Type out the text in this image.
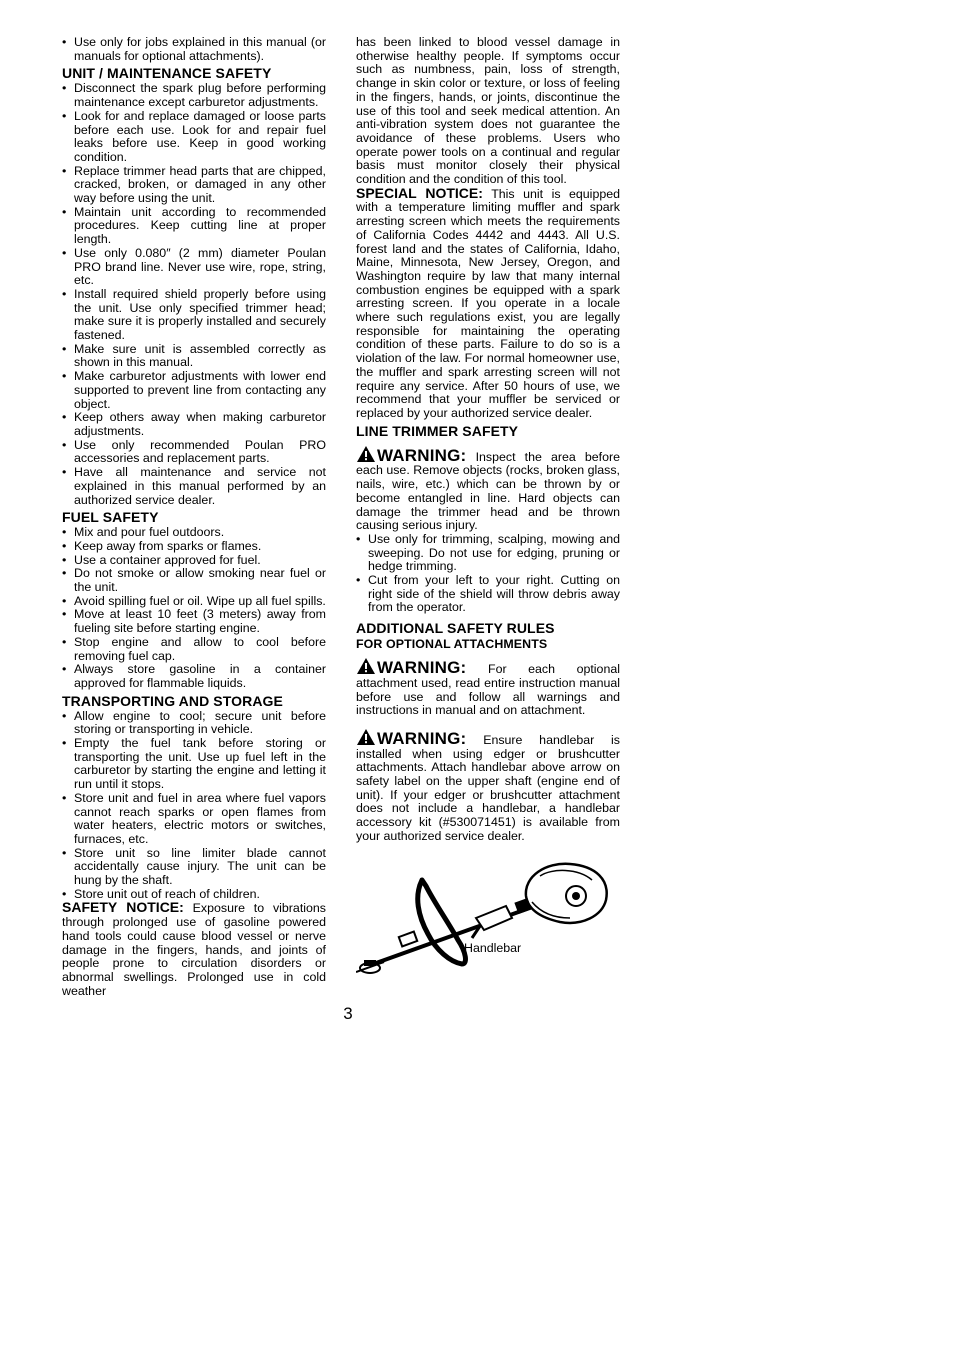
• Use only for jobs explained in this manual (or manuals for optional attachments).
UNIT / MAINTENANCE SAFETY
• Disconnect the spark plug before performing maintenance except carburetor adjustments.
• Look for and replace damaged or loose parts before each use. Look for and repair fuel leaks before use. Keep in good working condition.
• Replace trimmer head parts that are chipped, cracked, broken, or damaged in any other way before using the unit.
• Maintain unit according to recommended procedures. Keep cutting line at proper length.
• Use only 0.080″ (2 mm) diameter Poulan PRO brand line. Never use wire, rope, string, etc.
• Install required shield properly before using the unit. Use only specified trimmer head; make sure it is properly installed and securely fastened.
• Make sure unit is assembled correctly as shown in this manual.
• Make carburetor adjustments with lower end supported to prevent line from contacting any object.
• Keep others away when making carburetor adjustments.
• Use only recommended Poulan PRO accessories and replacement parts.
• Have all maintenance and service not explained in this manual performed by an authorized service dealer.
FUEL SAFETY
• Mix and pour fuel outdoors.
• Keep away from sparks or flames.
• Use a container approved for fuel.
• Do not smoke or allow smoking near fuel or the unit.
• Avoid spilling fuel or oil. Wipe up all fuel spills.
• Move at least 10 feet (3 meters) away from fueling site before starting engine.
• Stop engine and allow to cool before removing fuel cap.
• Always store gasoline in a container approved for flammable liquids.
TRANSPORTING AND STORAGE
• Allow engine to cool; secure unit before storing or transporting in vehicle.
• Empty the fuel tank before storing or transporting the unit. Use up fuel left in the carburetor by starting the engine and letting it run until it stops.
• Store unit and fuel in area where fuel vapors cannot reach sparks or open flames from water heaters, electric motors or switches, furnaces, etc.
• Store unit so line limiter blade cannot accidentally cause injury. The unit can be hung by the shaft.
• Store unit out of reach of children.

SAFETY NOTICE: Exposure to vibrations through prolonged use of gasoline powered hand tools could cause blood vessel or nerve damage in the fingers, hands, and joints of people prone to circulation disorders or abnormal swellings. Prolonged use in cold weather

has been linked to blood vessel damage in otherwise healthy people. If symptoms occur such as numbness, pain, loss of strength, change in skin color or texture, or loss of feeling in the fingers, hands, or joints, discontinue the use of this tool and seek medical attention. An anti-vibration system does not guarantee the avoidance of these problems. Users who operate power tools on a continual and regular basis must monitor closely their physical condition and the condition of this tool.

SPECIAL NOTICE: This unit is equipped with a temperature limiting muffler and spark arresting screen which meets the requirements of California Codes 4442 and 4443. All U.S. forest land and the states of California, Idaho, Maine, Minnesota, New Jersey, Oregon, and Washington require by law that many internal combustion engines be equipped with a spark arresting screen. If you operate in a locale where such regulations exist, you are legally responsible for maintaining the operating condition of these parts. Failure to do so is a violation of the law. For normal homeowner use, the muffler and spark arresting screen will not require any service. After 50 hours of use, we recommend that your muffler be serviced or replaced by your authorized service dealer.

LINE TRIMMER SAFETY

WARNING: Inspect the area before each use. Remove objects (rocks, broken glass, nails, wire, etc.) which can be thrown by or become entangled in line. Hard objects can damage the trimmer head and be thrown causing serious injury.

• Use only for trimming, scalping, mowing and sweeping. Do not use for edging, pruning or hedge trimming.
• Cut from your left to your right. Cutting on right side of the shield will throw debris away from the operator.
ADDITIONAL SAFETY RULES
FOR OPTIONAL ATTACHMENTS

WARNING: For each optional attachment used, read entire instruction manual before use and follow all warnings and instructions in manual and on attachment.

WARNING: Ensure handlebar is installed when using edger or brushcutter attachments. Attach handlebar above arrow on safety label on the upper shaft (engine end of unit). If your edger or brushcutter attachment does not include a handlebar, a handlebar accessory kit (#530071451) is available from your authorized service dealer.

Handlebar
3
